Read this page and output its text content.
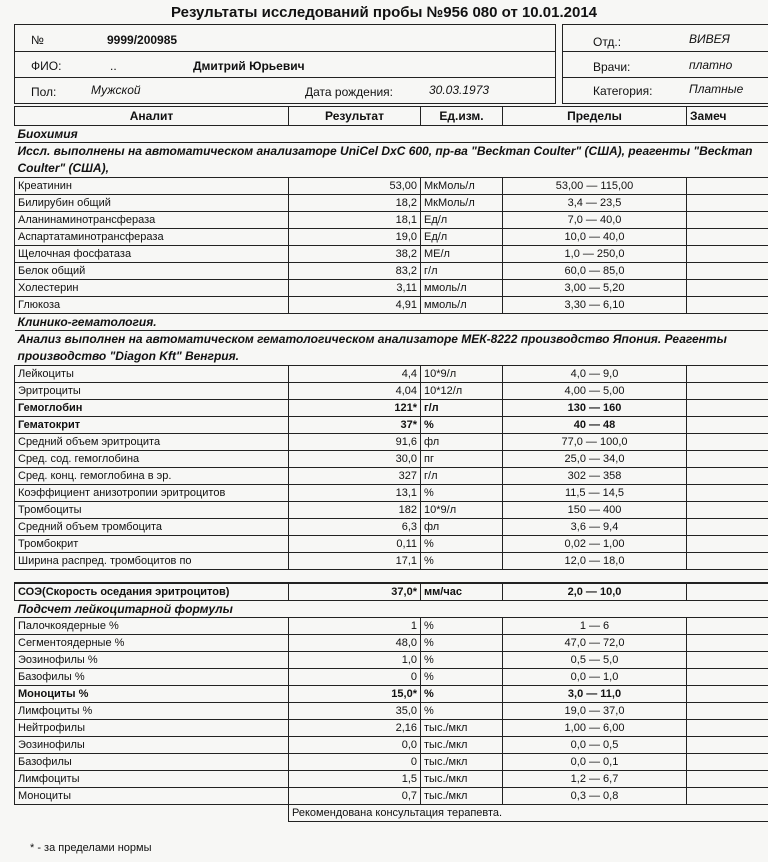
Результаты исследований пробы №956 080 от 10.01.2014
№	9999/200985
ФИО:	..	Дмитрий Юрьевич
Пол:	Мужской	Дата рождения:	30.03.1973
Отд.:	ВИВЕЯ
Врачи:	платно
Категория:	Платные
Аналит	Результат	Ед.изм.	Пределы	Замеч
Биохимия				
Иссл. выполнены на автоматическом анализаторе UniCel DxC 600, пр-ва "Beckman Coulter" (США), реагенты "Beckman Coulter" (США),				
Креатинин	53,00	МкМоль/л	53,00 — 115,00	
Билирубин общий	18,2	МкМоль/л	3,4 — 23,5	
Аланинаминотрансфераза	18,1	Ед/л	7,0 — 40,0	
Аспартатаминотрансфераза	19,0	Ед/л	10,0 — 40,0	
Щелочная фосфатаза	38,2	МЕ/л	1,0 — 250,0	
Белок общий	83,2	г/л	60,0 — 85,0	
Холестерин	3,11	ммоль/л	3,00 — 5,20	
Глюкоза	4,91	ммоль/л	3,30 — 6,10	
Клинико-гематология.				
Анализ выполнен на автоматическом гематологическом анализаторе МЕК-8222 производство Япония. Реагенты производство "Diagon Kft" Венгрия.				
Лейкоциты	4,4	10*9/л	4,0 — 9,0	
Эритроциты	4,04	10*12/л	4,00 — 5,00	
Гемоглобин	121*	г/л	130 — 160	
Гематокрит	37*	%	40 — 48	
Средний объем эритроцита	91,6	фл	77,0 — 100,0	
Сред. сод. гемоглобина	30,0	пг	25,0 — 34,0	
Сред. конц. гемоглобина в эр.	327	г/л	302 — 358	
Коэффициент анизотропии эритроцитов	13,1	%	11,5 — 14,5	
Тромбоциты	182	10*9/л	150 — 400	
Средний объем тромбоцита	6,3	фл	3,6 — 9,4	
Тромбокрит	0,11	%	0,02 — 1,00	
Ширина распред. тромбоцитов по	17,1	%	12,0 — 18,0	

СОЭ(Скорость оседания эритроцитов)	37,0*	мм/час	2,0 — 10,0	
Подсчет лейкоцитарной формулы				
Палочкоядерные %	1	%	1 — 6	
Сегментоядерные %	48,0	%	47,0 — 72,0	
Эозинофилы %	1,0	%	0,5 — 5,0	
Базофилы %	0	%	0,0 — 1,0	
Моноциты %	15,0*	%	3,0 — 11,0	
Лимфоциты %	35,0	%	19,0 — 37,0	
Нейтрофилы	2,16	тыс./мкл	1,00 — 6,00	
Эозинофилы	0,0	тыс./мкл	0,0 — 0,5	
Базофилы	0	тыс./мкл	0,0 — 0,1	
Лимфоциты	1,5	тыс./мкл	1,2 — 6,7	
Моноциты	0,7	тыс./мкл	0,3 — 0,8	
	Рекомендована консультация терапевта.			
* - за пределами нормы
